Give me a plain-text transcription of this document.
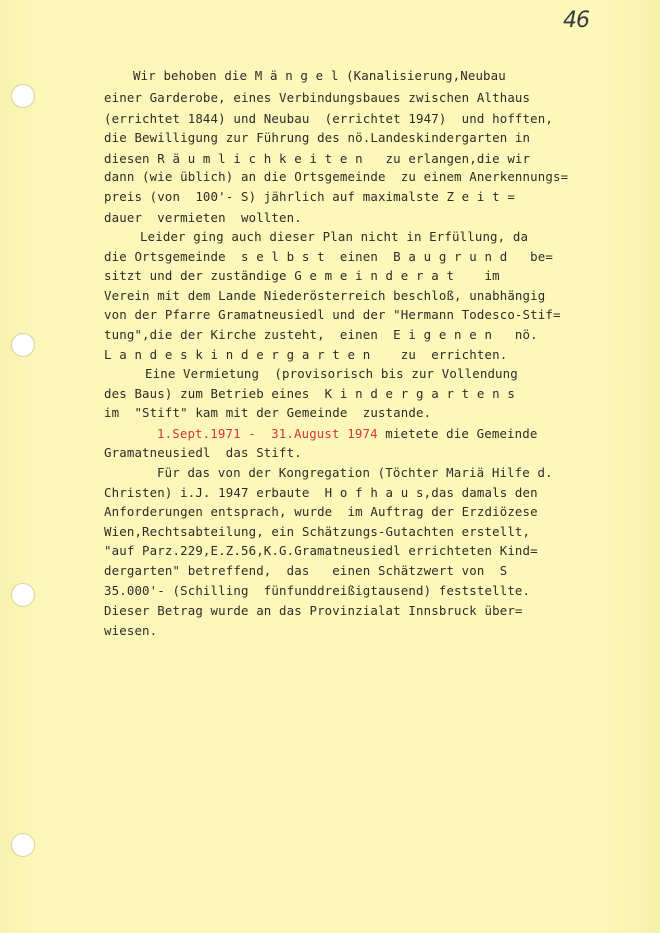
46
Wir behoben die M ä n g e l (Kanalisierung,Neubau
einer Garderobe, eines Verbindungsbaues zwischen Althaus
(errichtet 1844) und Neubau  (errichtet 1947)  und hofften,
die Bewilligung zur Führung des nö.Landeskindergarten in
diesen R ä u m l i c h k e i t e n   zu erlangen,die wir
dann (wie üblich) an die Ortsgemeinde  zu einem Anerkennungs=
preis (von  100'- S) jährlich auf maximalste Z e i t =
dauer  vermieten  wollten.
Leider ging auch dieser Plan nicht in Erfüllung, da
die Ortsgemeinde  s e l b s t  einen  B a u g r u n d   be=
sitzt und der zuständige G e m e i n d e r a t    im
Verein mit dem Lande Niederösterreich beschloß, unabhängig
von der Pfarre Gramatneusiedl und der "Hermann Todesco-Stif=
tung",die der Kirche zusteht,  einen  E i g e n e n   nö.
L a n d e s k i n d e r g a r t e n    zu  errichten.
Eine Vermietung  (provisorisch bis zur Vollendung
des Baus) zum Betrieb eines  K i n d e r g a r t e n s
im  "Stift" kam mit der Gemeinde  zustande.
1.Sept.1971 -  31.August 1974 mietete die Gemeinde
Gramatneusiedl  das Stift.
Für das von der Kongregation (Töchter Mariä Hilfe d.
Christen) i.J. 1947 erbaute  H o f h a u s,das damals den
Anforderungen entsprach, wurde  im Auftrag der Erzdiözese
Wien,Rechtsabteilung, ein Schätzungs-Gutachten erstellt,
"auf Parz.229,E.Z.56,K.G.Gramatneusiedl errichteten Kind=
dergarten" betreffend,  das   einen Schätzwert von  S
35.000'- (Schilling  fünfunddreißigtausend) feststellte.
Dieser Betrag wurde an das Provinzialat Innsbruck über=
wiesen.
